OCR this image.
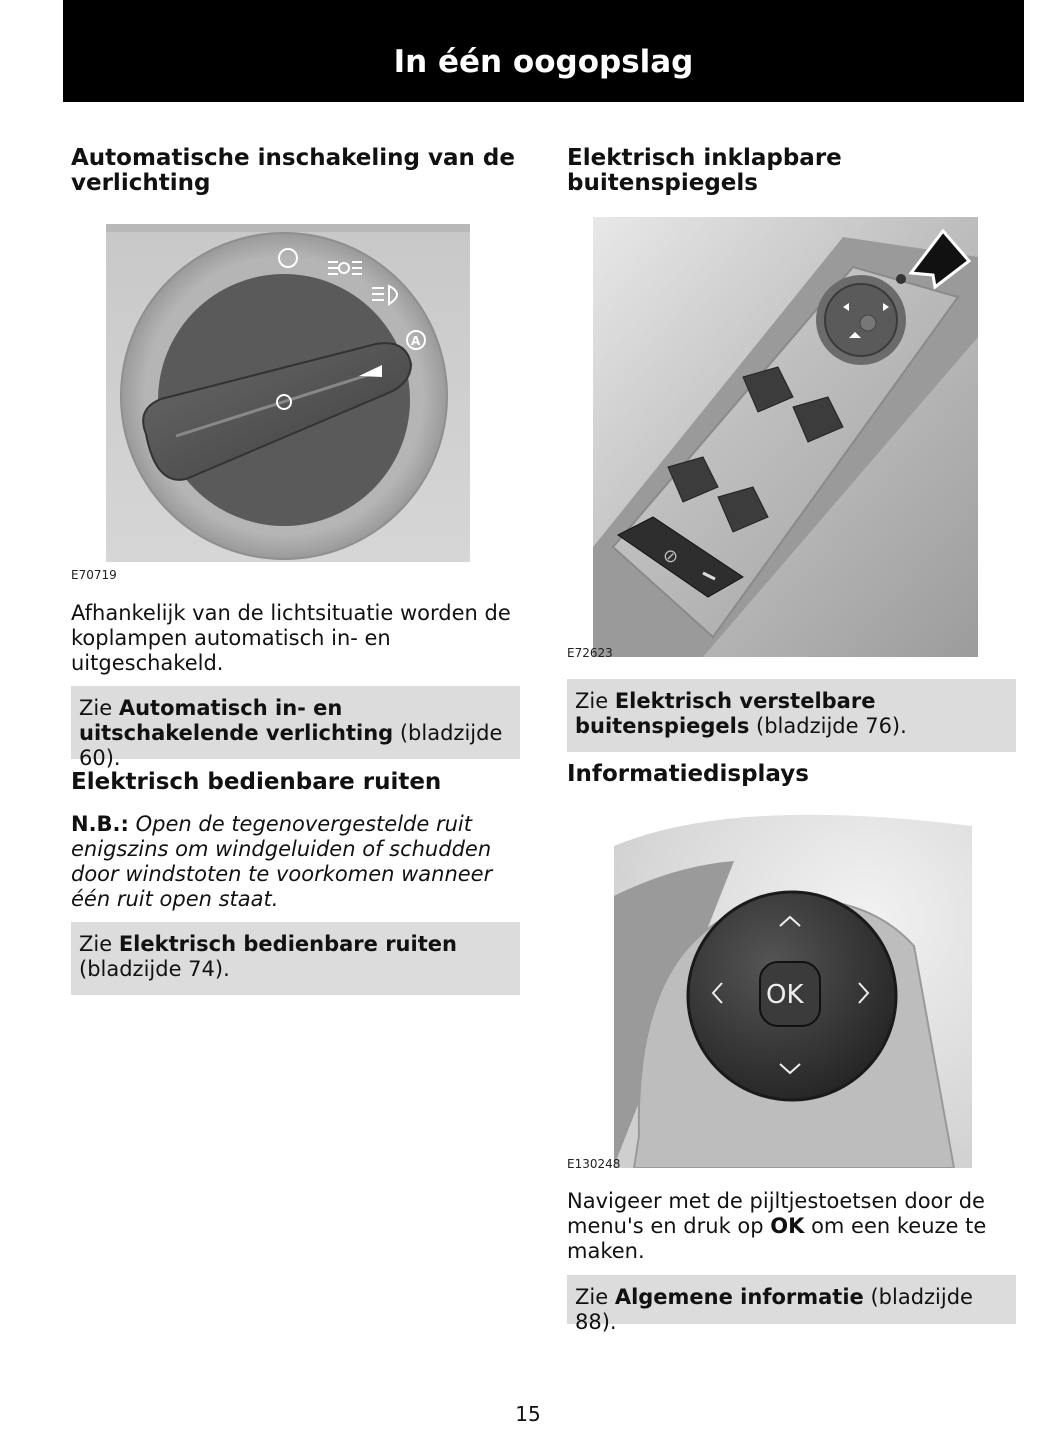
In één oogopslag
Automatische inschakeling van de
verlichting
A
E70719
Afhankelijk van de lichtsituatie worden de koplampen automatisch in- en uitgeschakeld.
Zie Automatisch in- en uitschakelende verlichting (bladzijde 60).
Elektrisch bedienbare ruiten
N.B.: Open de tegenovergestelde ruit enigszins om windgeluiden of schudden door windstoten te voorkomen wanneer één ruit open staat.
Zie Elektrisch bedienbare ruiten (bladzijde 74).
Elektrisch inklapbare
buitenspiegels
⊘
E72623
Zie Elektrisch verstelbare buitenspiegels (bladzijde 76).
Informatiedisplays
OK
E130248
Navigeer met de pijltjestoetsen door de menu's en druk op OK om een keuze te maken.
Zie Algemene informatie (bladzijde 88).
15
